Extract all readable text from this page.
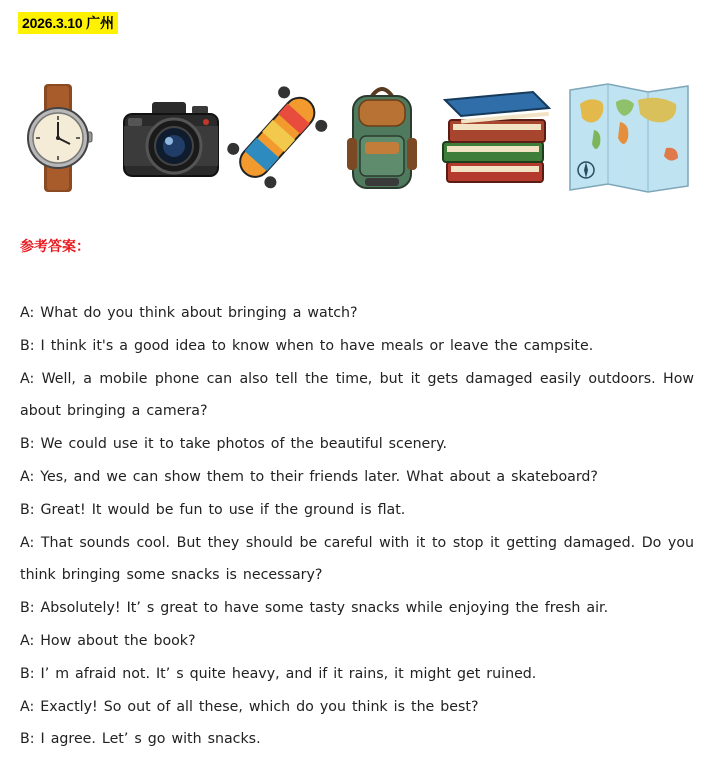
2026.3.10 广州
参考答案：
A: What do you think about bringing a watch?
B: I think it's a good idea to know when to have meals or leave the campsite.
A: Well, a mobile phone can also tell the time, but it gets damaged easily outdoors. How about bringing a camera?
B: We could use it to take photos of the beautiful scenery.
A: Yes, and we can show them to their friends later. What about a skateboard?
B: Great! It would be fun to use if the ground is flat.
A: That sounds cool. But they should be careful with it to stop it getting damaged. Do you think bringing some snacks is necessary?
B: Absolutely! It’ s great to have some tasty snacks while enjoying the fresh air.
A: How about the book?
B: I’ m afraid not. It’ s quite heavy, and if it rains, it might get ruined.
A: Exactly! So out of all these, which do you think is the best?
B: I agree. Let’ s go with snacks.
